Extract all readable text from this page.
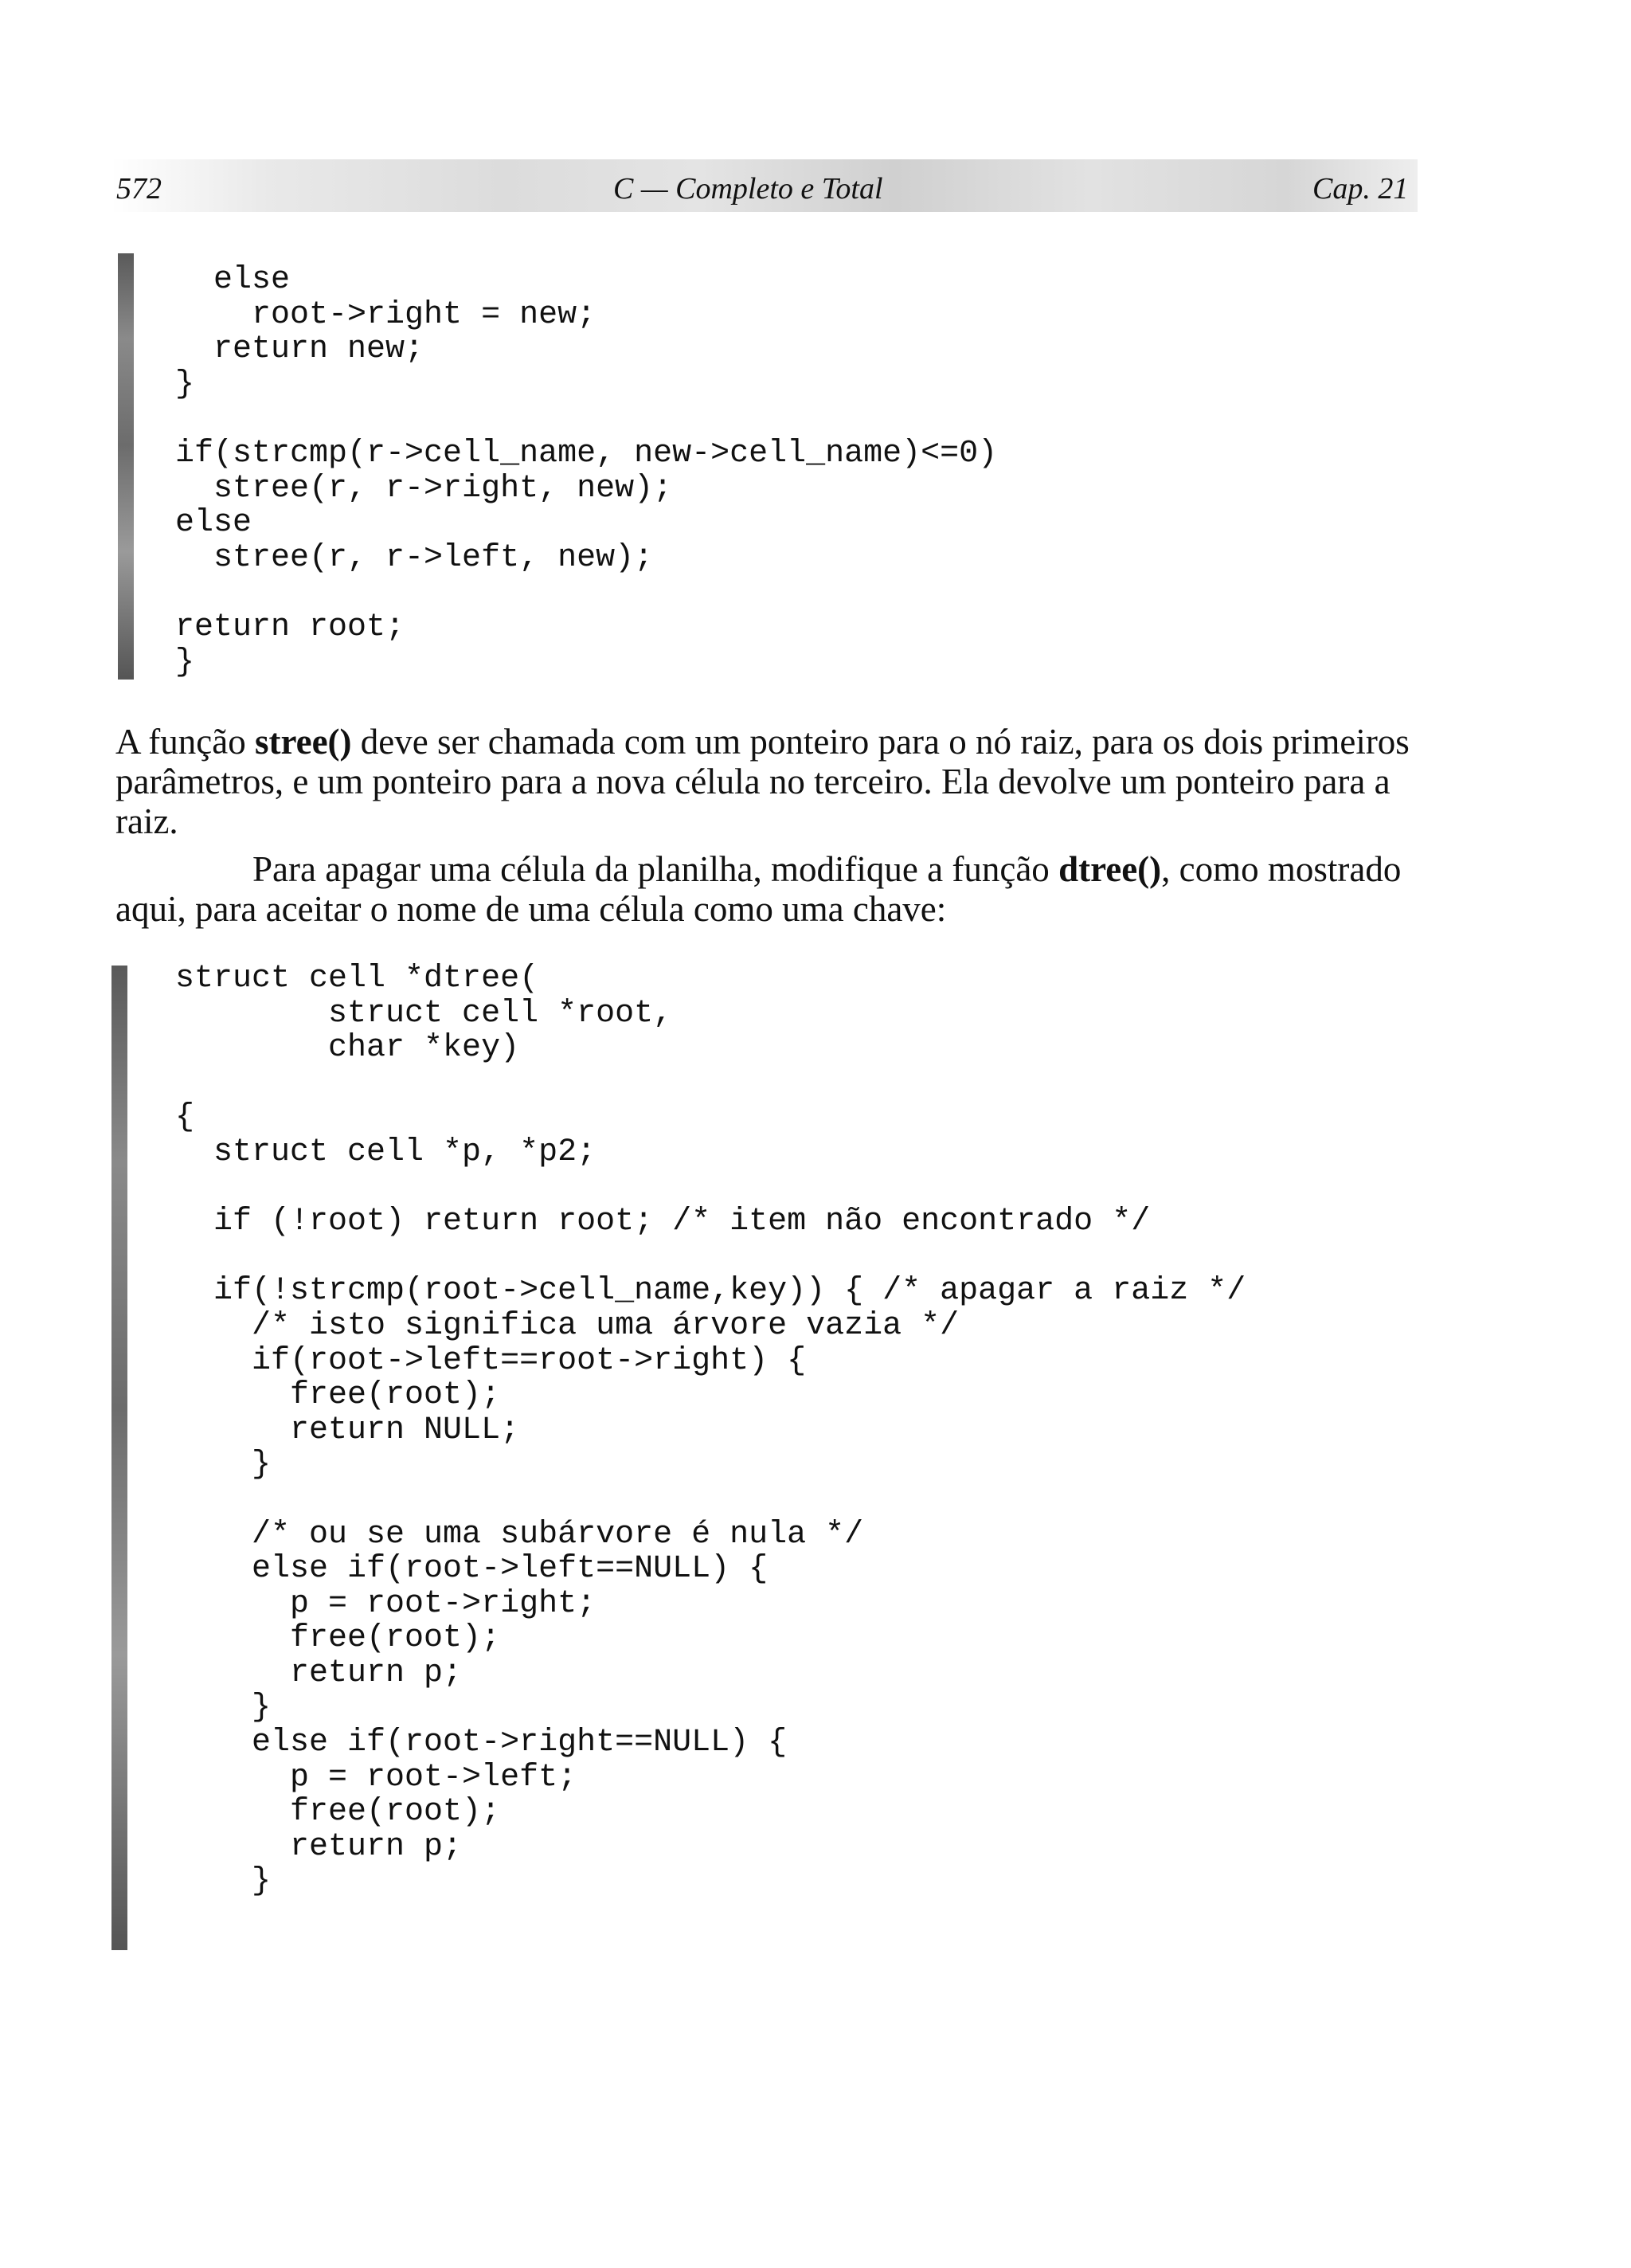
572	C — Completo e Total	Cap. 21
else
root->right = new;
return new;
}

if(strcmp(r->cell_name, new->cell_name)<=0)
stree(r, r->right, new);
else
stree(r, r->left, new);

return root;
}

A função stree() deve ser chamada com um ponteiro para o nó raiz, para os dois primeiros parâmetros, e um ponteiro para a nova célula no terceiro. Ela devolve um ponteiro para a raiz.

Para apagar uma célula da planilha, modifique a função dtree(), como mostrado aqui, para aceitar o nome de uma célula como uma chave:

struct cell *dtree(
struct cell *root,
char *key)

{
struct cell *p, *p2;

if (!root) return root; /* item não encontrado */

if(!strcmp(root->cell_name,key)) { /* apagar a raiz */
/* isto significa uma árvore vazia */
if(root->left==root->right) {
free(root);
return NULL;
}

/* ou se uma subárvore é nula */
else if(root->left==NULL) {
p = root->right;
free(root);
return p;
}
else if(root->right==NULL) {
p = root->left;
free(root);
return p;
}
